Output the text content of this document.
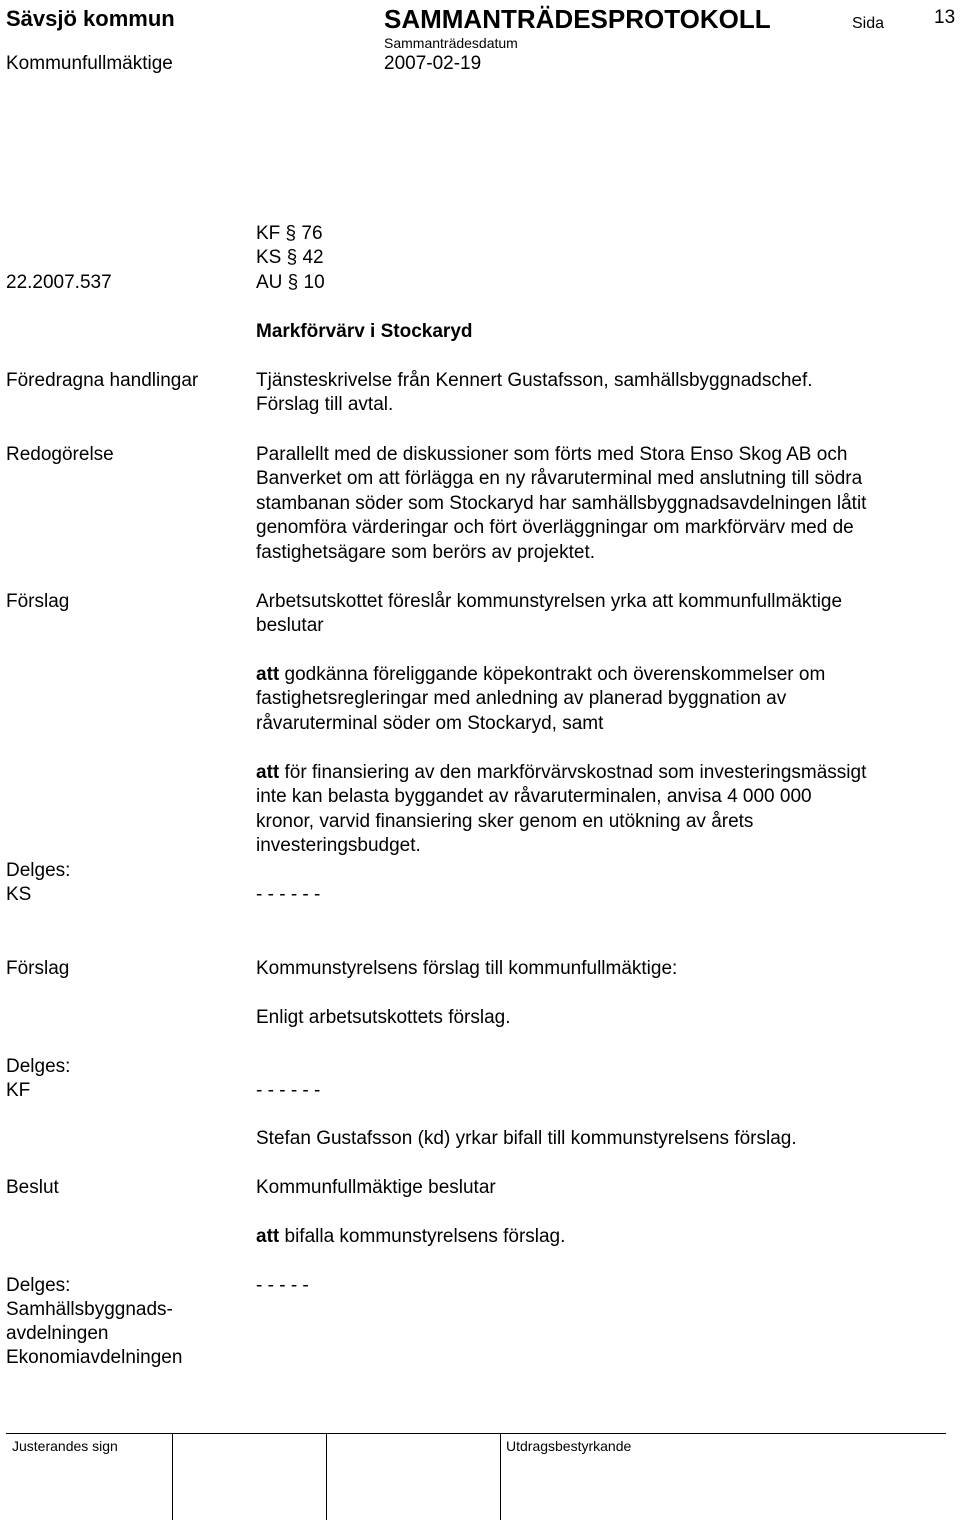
Sävsjö kommun	SAMMANTRÄDESPROTOKOLL	Sida	13
Sammanträdesdatum
Kommunfullmäktige	2007-02-19
KF § 76
KS § 42
22.2007.537	AU § 10
Markförvärv i Stockaryd
Föredragna handlingar	Tjänsteskrivelse från Kennert Gustafsson, samhällsbyggnadschef.
Förslag till avtal.
Redogörelse	Parallellt med de diskussioner som förts med Stora Enso Skog AB och
Banverket om att förlägga en ny råvaruterminal med anslutning till södra
stambanan söder som Stockaryd har samhällsbyggnadsavdelningen låtit
genomföra värderingar och fört överläggningar om markförvärv med de
fastighetsägare som berörs av projektet.
Förslag	Arbetsutskottet föreslår kommunstyrelsen yrka att kommunfullmäktige
beslutar
att godkänna föreliggande köpekontrakt och överenskommelser om
fastighetsregleringar med anledning av planerad byggnation av
råvaruterminal söder om Stockaryd, samt
att för finansiering av den markförvärvskostnad som investeringsmässigt
inte kan belasta byggandet av råvaruterminalen, anvisa 4 000 000
kronor, varvid finansiering sker genom en utökning av årets
investeringsbudget.
Delges:
KS	- - - - - -
Förslag	Kommunstyrelsens förslag till kommunfullmäktige:
Enligt arbetsutskottets förslag.
Delges:
KF	- - - - - -
Stefan Gustafsson (kd) yrkar bifall till kommunstyrelsens förslag.
Beslut	Kommunfullmäktige beslutar
att bifalla kommunstyrelsens förslag.
Delges:	- - - - -
Samhällsbyggnads-
avdelningen
Ekonomiavdelningen
Justerandes sign	Utdragsbestyrkande
